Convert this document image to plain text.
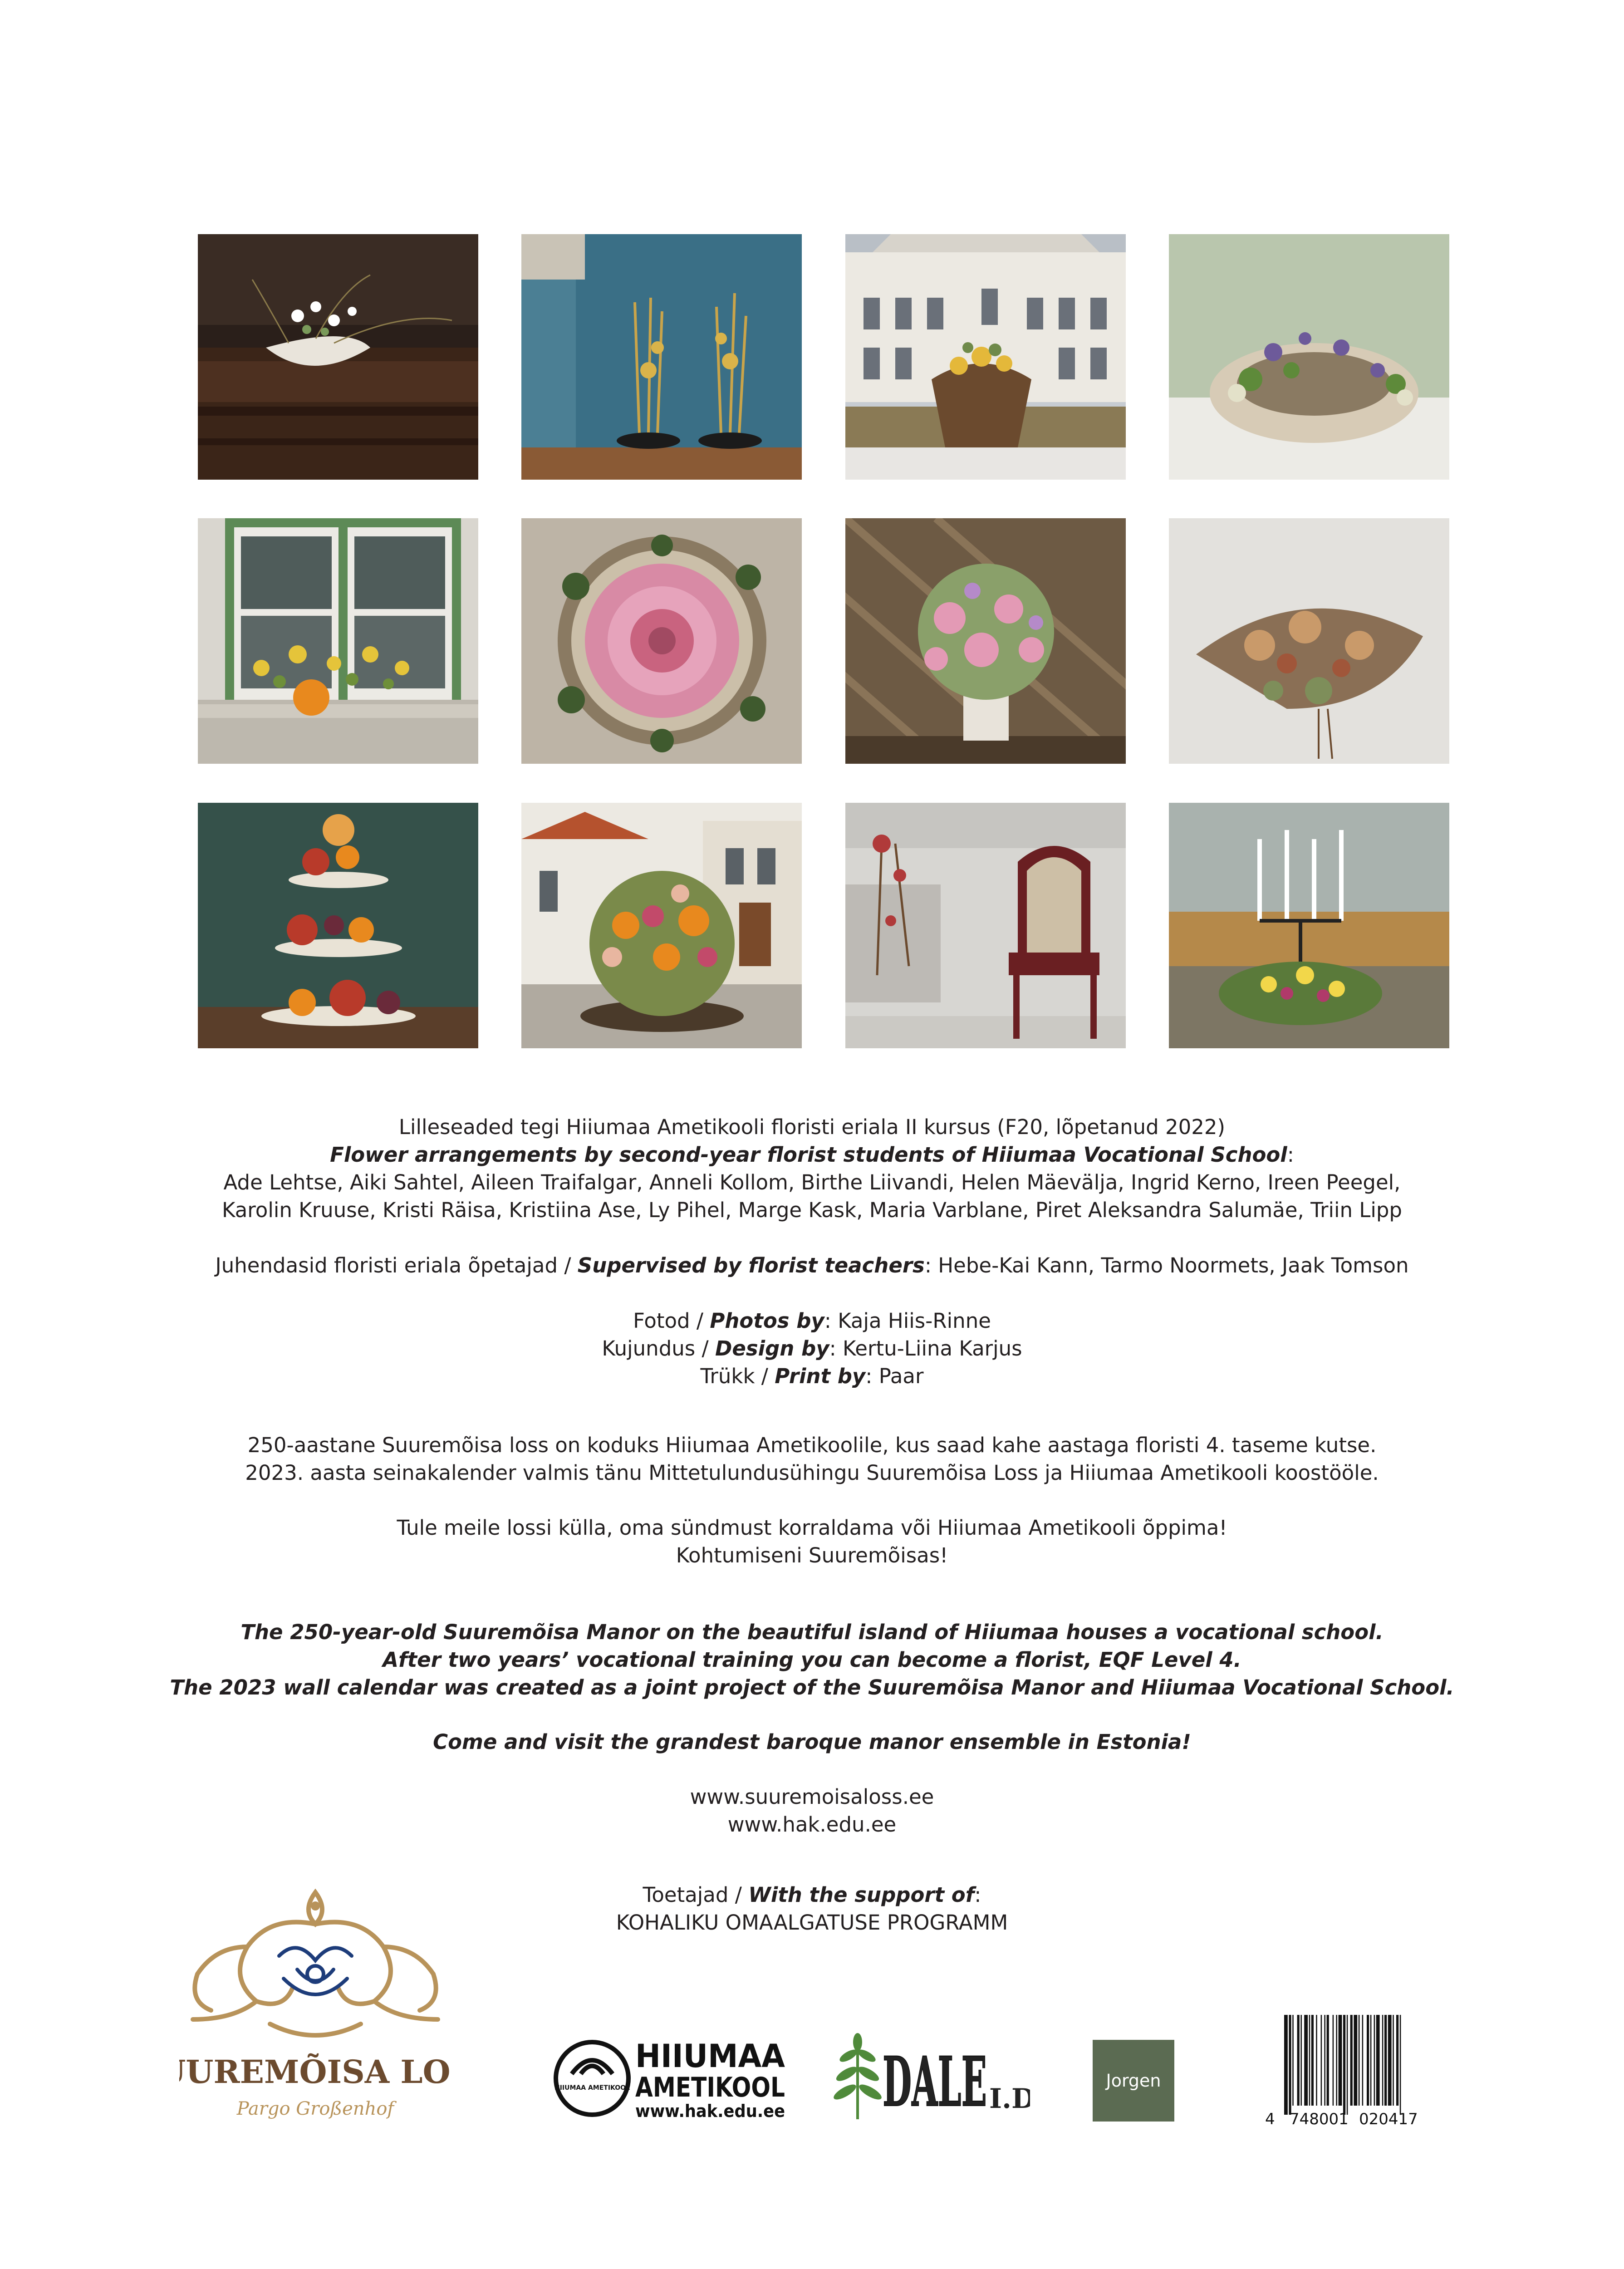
Lilleseaded tegi Hiiumaa Ametikooli floristi eriala II kursus (F20, lõpetanud 2022)
Flower arrangements by second-year florist students of Hiiumaa Vocational School:
Ade Lehtse, Aiki Sahtel, Aileen Traifalgar, Anneli Kollom, Birthe Liivandi, Helen Mäevälja, Ingrid Kerno, Ireen Peegel,
Karolin Kruuse, Kristi Räisa, Kristiina Ase, Ly Pihel, Marge Kask, Maria Varblane, Piret Aleksandra Salumäe, Triin Lipp
Juhendasid floristi eriala õpetajad / Supervised by florist teachers: Hebe-Kai Kann, Tarmo Noormets, Jaak Tomson
Fotod / Photos by: Kaja Hiis-Rinne
Kujundus / Design by: Kertu-Liina Karjus
Trükk / Print by: Paar
250-aastane Suuremõisa loss on koduks Hiiumaa Ametikoolile, kus saad kahe aastaga floristi 4. taseme kutse.
2023. aasta seinakalender valmis tänu Mittetulundusühingu Suuremõisa Loss ja Hiiumaa Ametikooli koostööle.
Tule meile lossi külla, oma sündmust korraldama või Hiiumaa Ametikooli õppima!
Kohtumiseni Suuremõisas!
The 250-year-old Suuremõisa Manor on the beautiful island of Hiiumaa houses a vocational school.
After two years’ vocational training you can become a florist, EQF Level 4.
The 2023 wall calendar was created as a joint project of the Suuremõisa Manor and Hiiumaa Vocational School.
Come and visit the grandest baroque manor ensemble in Estonia!
www.suuremoisaloss.ee
www.hak.edu.ee
Toetajad / With the support of:
KOHALIKU OMAALGATUSE PROGRAMM
UREMÕISA LO
Pargo Großenhof
HIIUMAA AMETIKOOL
HIIUMAA
AMETIKOOL
www.hak.edu.ee DALE I.D
Jorgen
4 748001 020417
